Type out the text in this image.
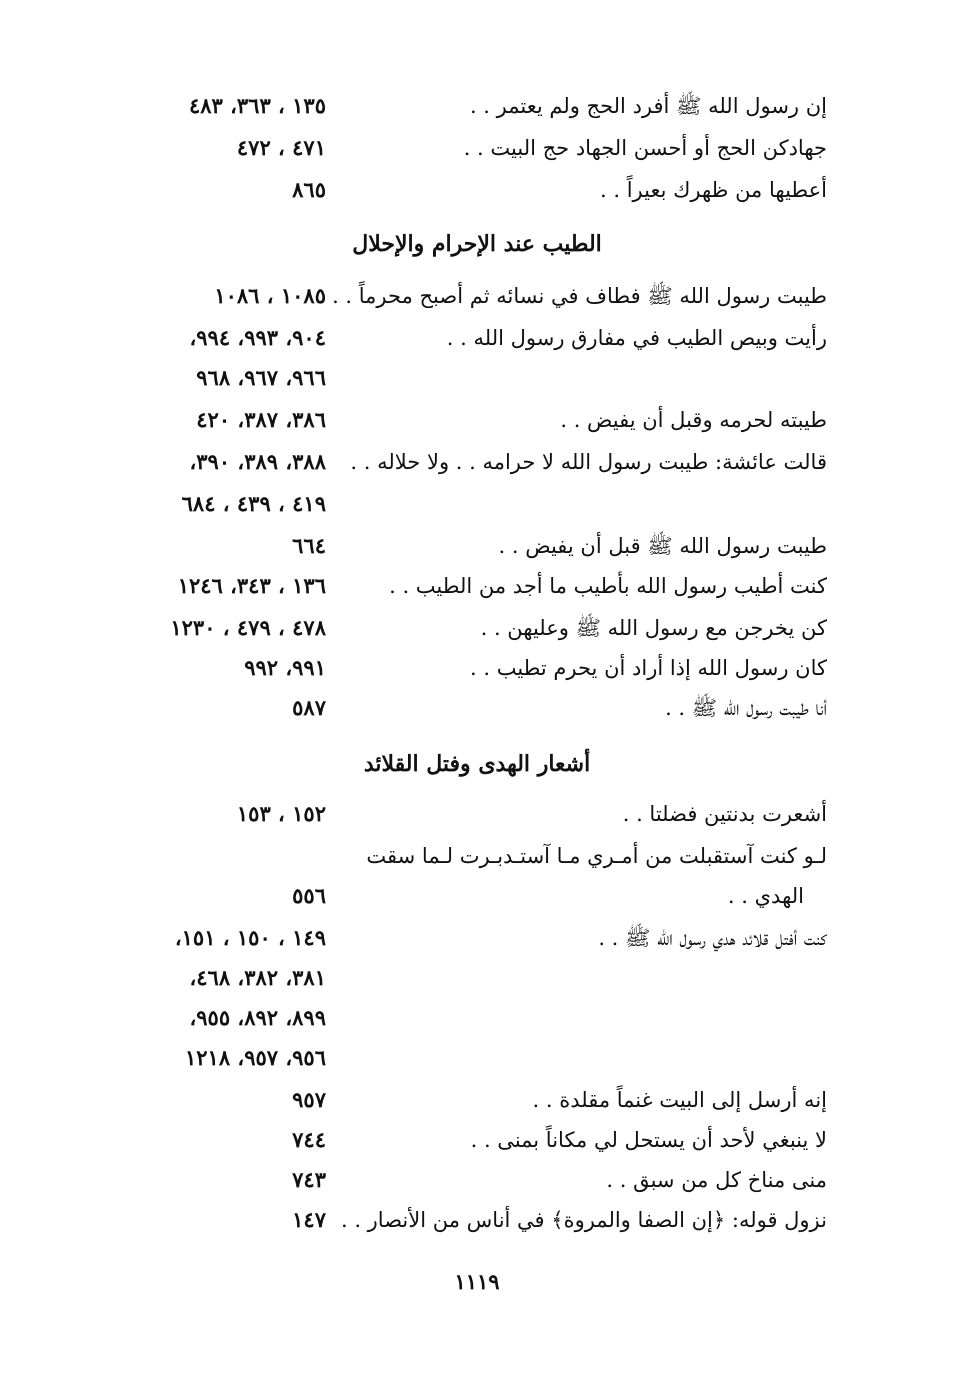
إن رسول الله ﷺ أفرد الحج ولم يعتمر . .
١٣٥ ، ٣٦٣، ٤٨٣
جهادكن الحج أو أحسن الجهاد حج البيت . .
٤٧١ ، ٤٧٢
أعطيها من ظهرك بعيراً . .
٨٦٥
الطيب عند الإحرام والإحلال
طيبت رسول الله ﷺ فطاف في نسائه ثم أصبح محرماً . .
١٠٨٥ ، ١٠٨٦
رأيت وبيص الطيب في مفارق رسول الله . .
٩٠٤، ٩٩٣، ٩٩٤،
٩٦٦، ٩٦٧، ٩٦٨
طيبته لحرمه وقبل أن يفيض . .
٣٨٦، ٣٨٧، ٤٢٠
قالت عائشة: طيبت رسول الله لا حرامه . . ولا حلاله . .
٣٨٨، ٣٨٩، ٣٩٠،
٤١٩ ، ٤٣٩ ، ٦٨٤
طيبت رسول الله ﷺ قبل أن يفيض . .
٦٦٤
كنت أطيب رسول الله بأطيب ما أجد من الطيب . .
١٣٦ ، ٣٤٣، ١٢٤٦
كن يخرجن مع رسول الله ﷺ وعليهن . .
٤٧٨ ، ٤٧٩ ، ١٢٣٠
كان رسول الله إذا أراد أن يحرم تطيب . .
٩٩١، ٩٩٢
أنا طيبت رسول الله ﷺ . .
٥٨٧
أشعار الهدى وفتل القلائد
أشعرت بدنتين فضلتا . .
١٥٢ ، ١٥٣
لـو كنت آستقبلت من أمـري مـا آستـدبـرت لـما سقت
الهدي . .
٥٥٦
كنت أفتل قلائد هدي رسول الله ﷺ . .
١٤٩ ، ١٥٠ ، ١٥١،
٣٨١، ٣٨٢، ٤٦٨،
٨٩٩، ٨٩٢، ٩٥٥،
٩٥٦، ٩٥٧، ١٢١٨
إنه أرسل إلى البيت غنماً مقلدة . .
٩٥٧
لا ينبغي لأحد أن يستحل لي مكاناً بمنى . .
٧٤٤
منى مناخ كل من سبق . .
٧٤٣
نزول قوله: ﴿إن الصفا والمروة﴾ في أناس من الأنصار . .
١٤٧
١١١٩
